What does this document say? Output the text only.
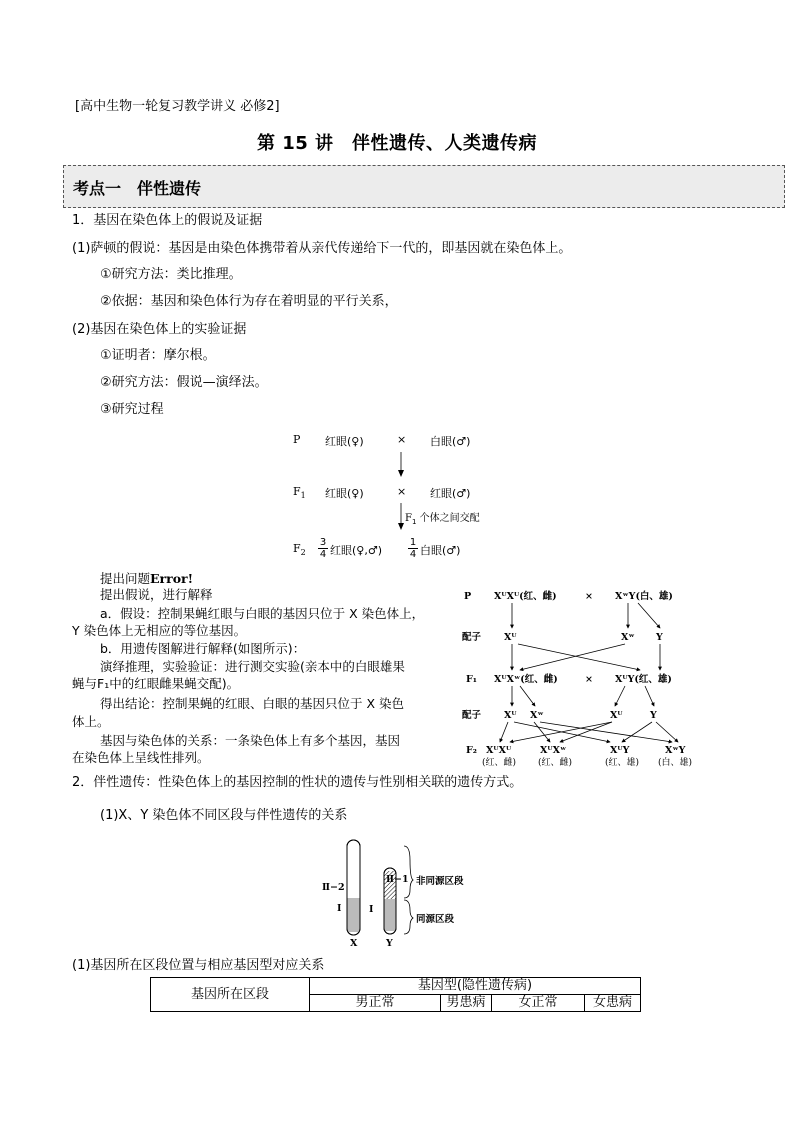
[高中生物一轮复习教学讲义 必修2]
第 15 讲　伴性遗传、人类遗传病
考点一　伴性遗传
1．基因在染色体上的假说及证据
(1)萨顿的假说：基因是由染色体携带着从亲代传递给下一代的，即基因就在染色体上。
①研究方法：类比推理。
②依据：基因和染色体行为存在着明显的平行关系，
(2)基因在染色体上的实验证据
①证明者：摩尔根。
②研究方法：假说—演绎法。
③研究过程
P 红眼(♀)	× 白眼(♂)
$F_1$ 红眼(♀)	× 红眼(♂)
$F_1$ 个体之间交配
$F_2$
3
4 红眼(♀,♂)
1
4 白眼(♂)
提出问题Error!
提出假说，进行解释
a．假设：控制果蝇红眼与白眼的基因只位于 X 染色体上，
Y 染色体上无相应的等位基因。
b．用遗传图解进行解释(如图所示)：
演绎推理，实验验证：进行测交实验(亲本中的白眼雄果
蝇与F₁中的红眼雌果蝇交配)。
得出结论：控制果蝇的红眼、白眼的基因只位于 X 染色
体上。
基因与染色体的关系：一条染色体上有多个基因，基因
在染色体上呈线性排列。
P XᵂXᵂ(红、雌)	× XʷY(白、雄)
配子 Xᵂ	Xʷ Y
F₁ XᵂXʷ(红、雌)	× XᵂY(红、雄)
配子 Xᵂ Xʷ	Xᵂ	Y
F₂ XᵂXᵂ	XᵂXʷ	XᵂY	XʷY
(红、雌) (红、雌)	(红、雄) (白、雄)
2．伴性遗传：性染色体上的基因控制的性状的遗传与性别相关联的遗传方式。
(1)X、Y 染色体不同区段与伴性遗传的关系
Ⅱ−2
Ⅰ
Ⅱ−1
Ⅰ
非同源区段
同源区段
X	Y
(1)基因所在区段位置与相应基因型对应关系
基因所在区段	基因型(隐性遗传病)			
	男正常	男患病	女正常	女患病
